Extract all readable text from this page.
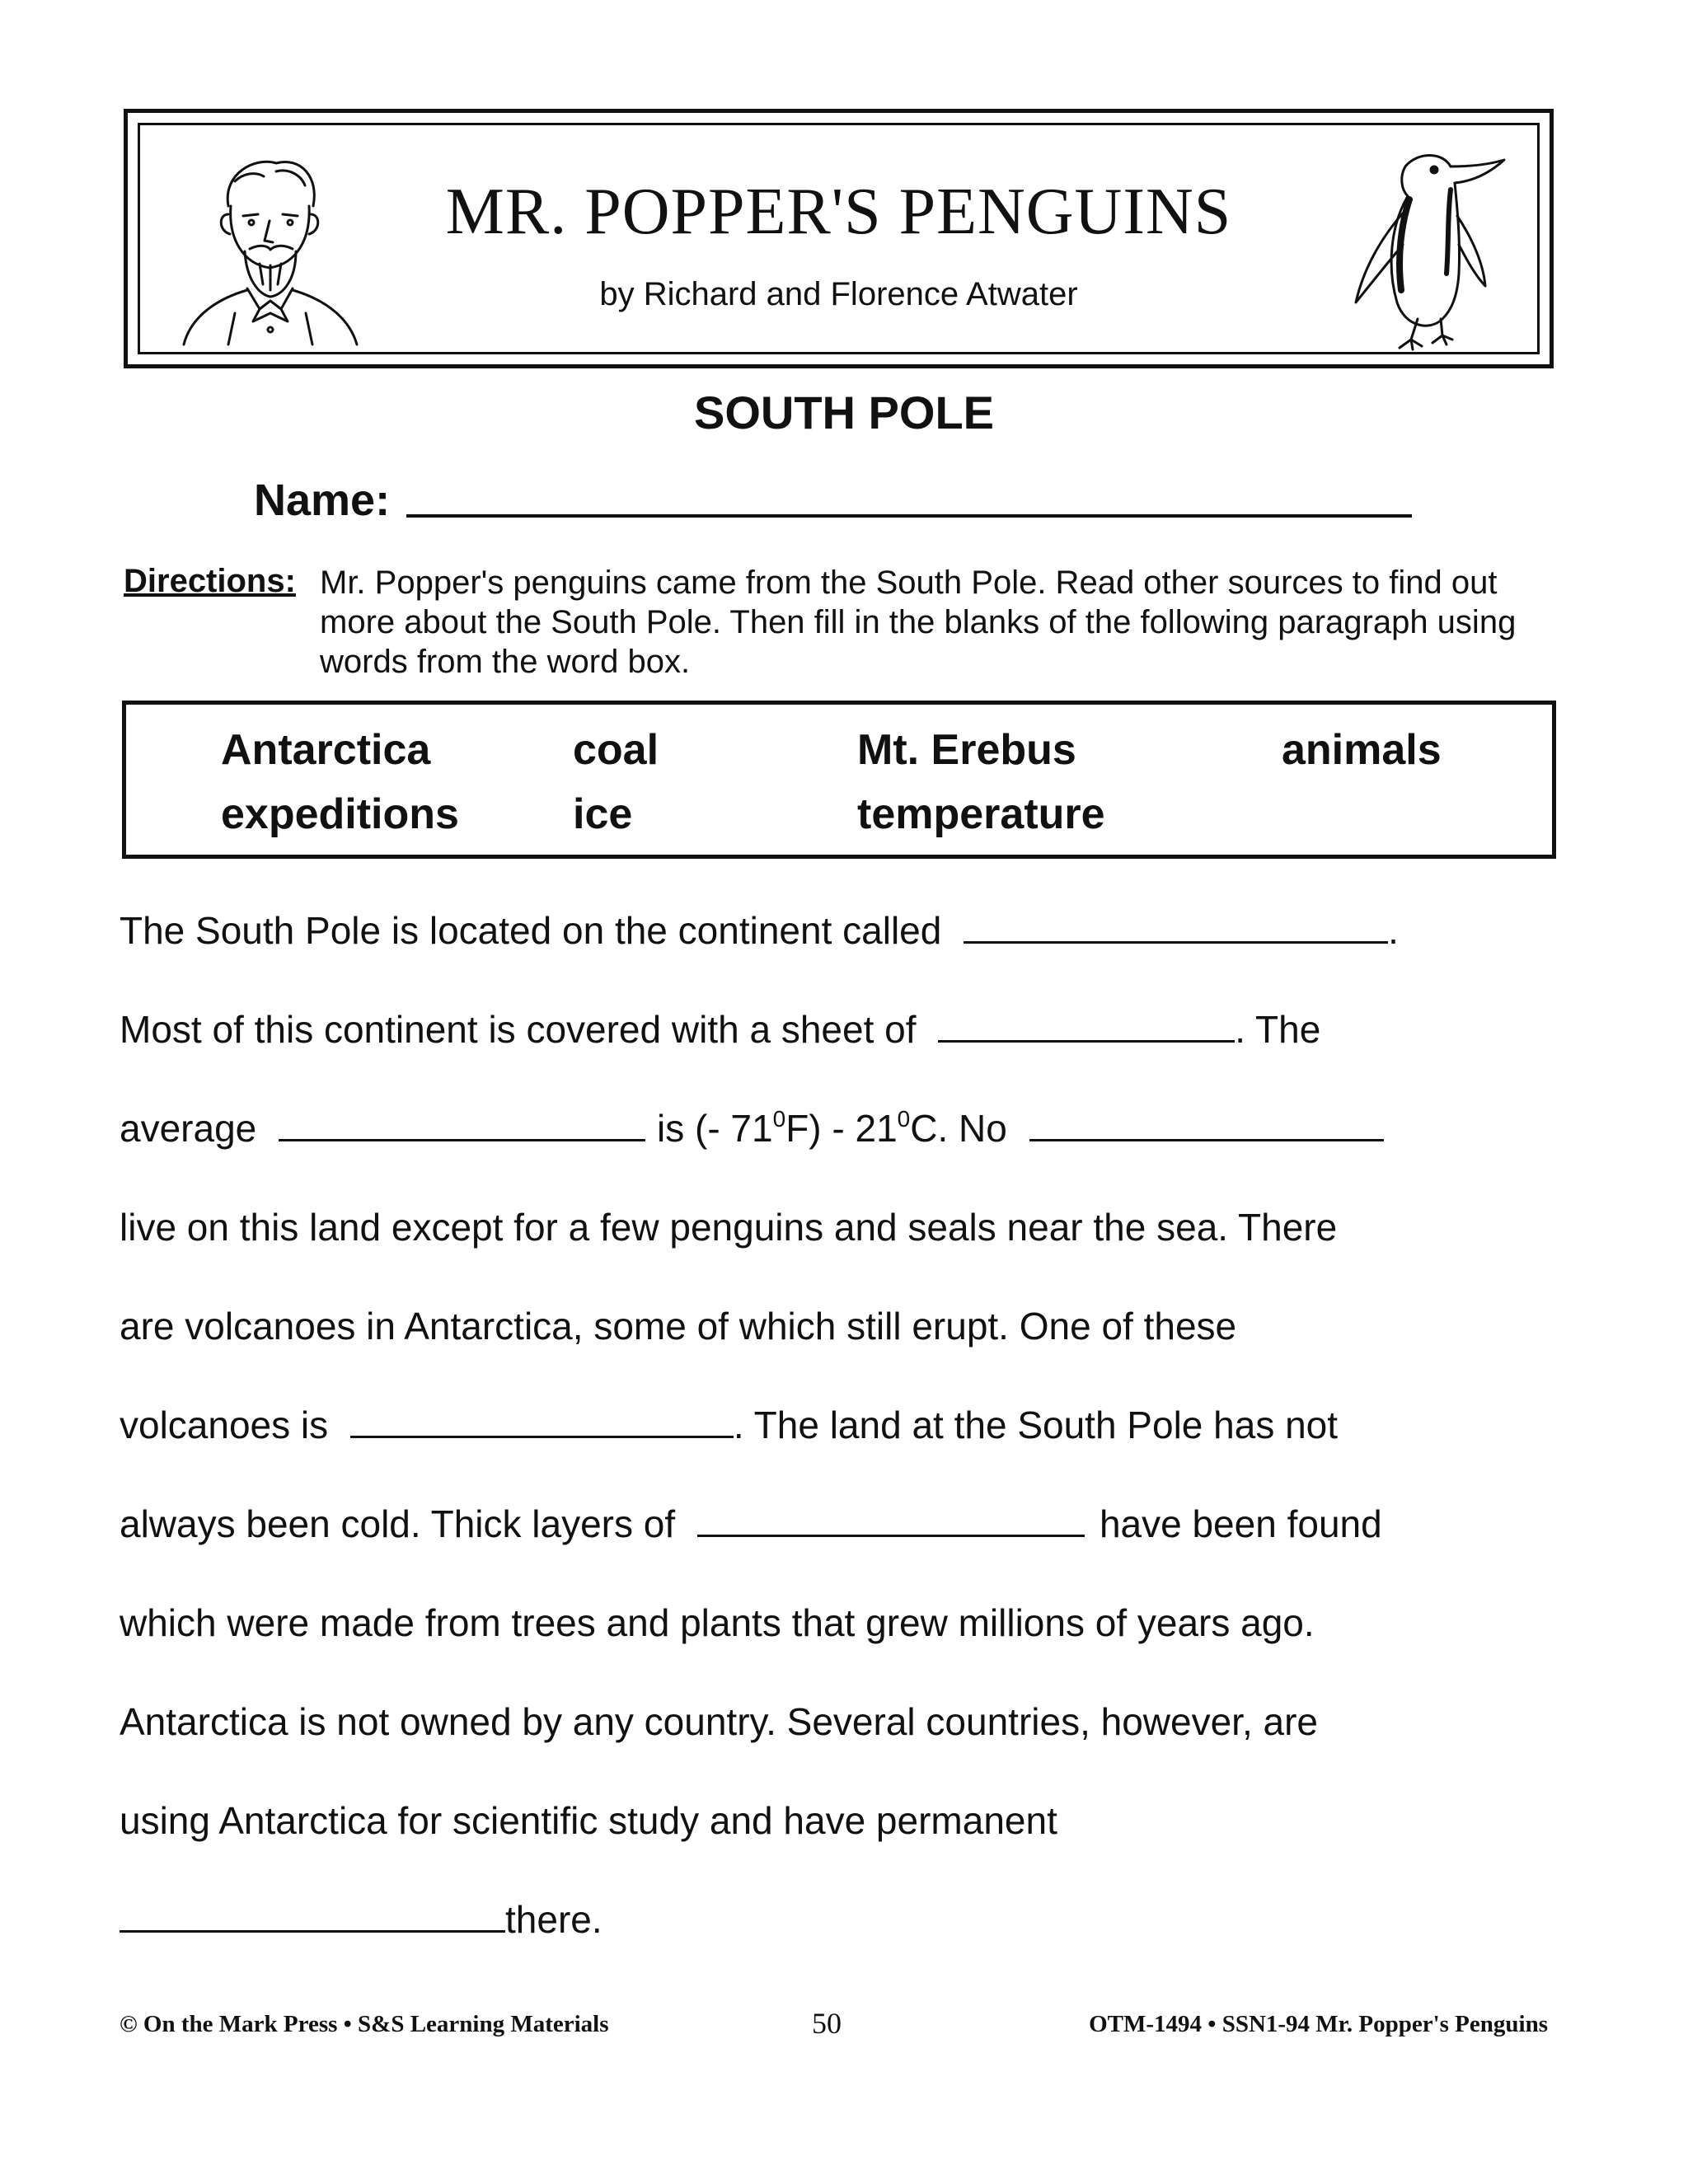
MR. POPPER'S PENGUINS
by Richard and Florence Atwater
SOUTH POLE
Name:
Directions: Mr. Popper's penguins came from the South Pole. Read other sources to find out more about the South Pole. Then fill in the blanks of the following paragraph using words from the word box.
Antarctica	coal	Mt. Erebus	animals
expeditions	ice	temperature
The South Pole is located on the continent called	.
Most of this continent is covered with a sheet of	. The
average	is (- $71^0F) - 21^0C$. No
live on this land except for a few penguins and seals near the sea. There
are volcanoes in Antarctica, some of which still erupt. One of these
volcanoes is	. The land at the South Pole has not
always been cold. Thick layers of	have been found
which were made from trees and plants that grew millions of years ago.
Antarctica is not owned by any country. Several countries, however, are
using Antarctica for scientific study and have permanent
there.
© On the Mark Press • S&S Learning Materials	50	OTM-1494 • SSN1-94 Mr. Popper's Penguins
